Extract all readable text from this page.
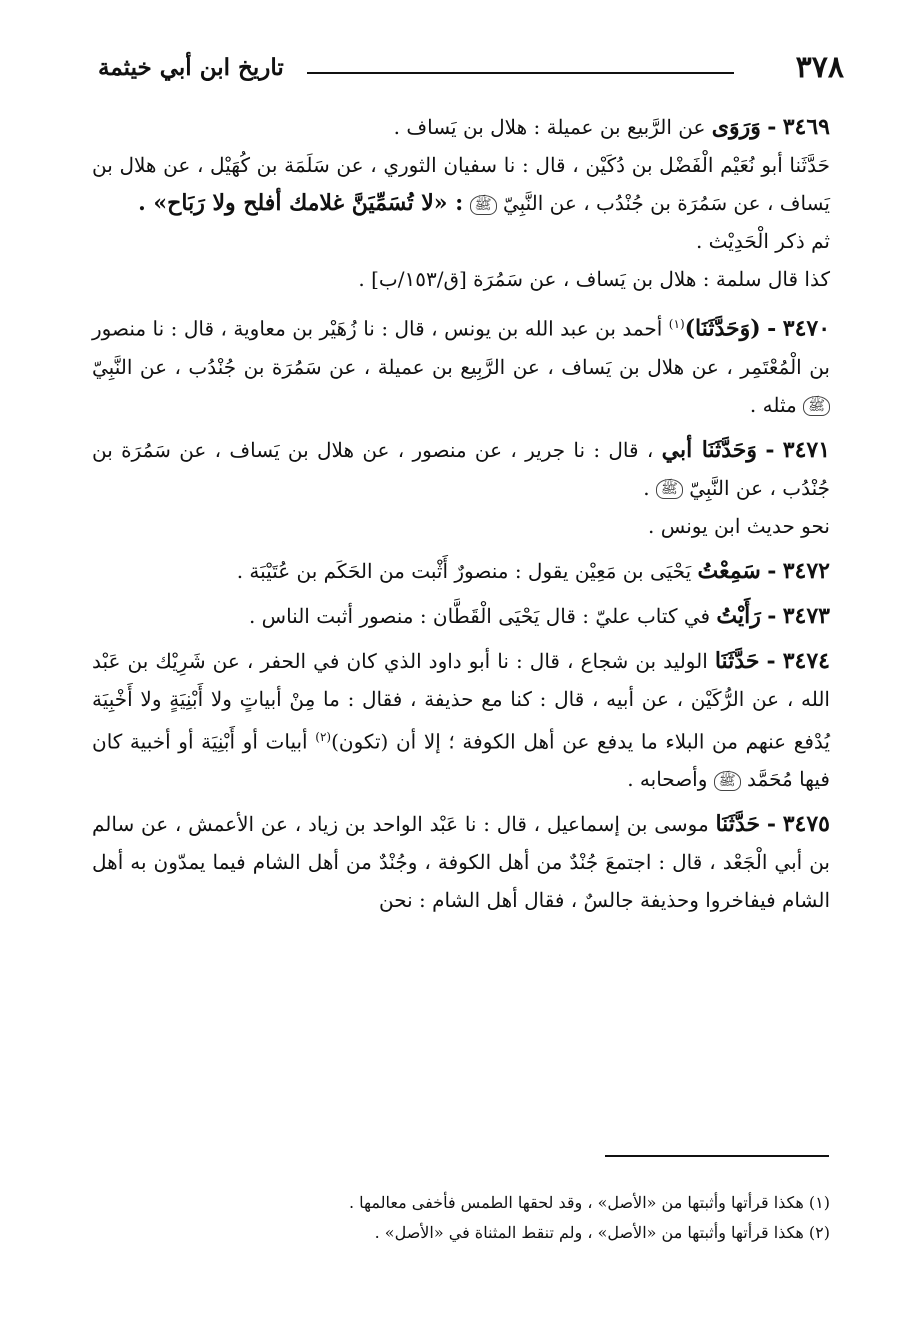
٣٧٨
تاريخ ابن أبي خيثمة

٣٤٦٩ - وَرَوَى عن الرَّبيع بن عميلة : هلال بن يَساف .

حَدَّثَنا أبو نُعَيْم الْفَضْل بن دُكَيْن ، قال : نا سفيان الثوري ، عن سَلَمَة بن كُهَيْل ، عن هلال بن يَساف ، عن سَمُرَة بن جُنْدُب ، عن النَّبِيّ ﷺ : «لا تُسَمِّيَنَّ غلامك أفلح ولا رَبَاح» .

ثم ذكر الْحَدِيْث .

كذا قال سلمة : هلال بن يَساف ، عن سَمُرَة [ق/١٥٣/ب] .

٣٤٧٠ - (وَحَدَّثَنَا)$^{(١)}$ أحمد بن عبد الله بن يونس ، قال : نا زُهَيْر بن معاوية ، قال : نا منصور بن الْمُعْتَمِر ، عن هلال بن يَساف ، عن الرَّبِيع بن عميلة ، عن سَمُرَة بن جُنْدُب ، عن النَّبِيّ ﷺ مثله .

٣٤٧١ - وَحَدَّثَنَا أبي ، قال : نا جرير ، عن منصور ، عن هلال بن يَساف ، عن سَمُرَة بن جُنْدُب ، عن النَّبِيّ ﷺ .

نحو حديث ابن يونس .

٣٤٧٢ - سَمِعْتُ يَحْيَى بن مَعِيْن يقول : منصورٌ أَثْبت من الحَكَم بن عُتَيْبَة .

٣٤٧٣ - رَأَيْتُ في كتاب عليّ : قال يَحْيَى الْقَطَّان : منصور أثبت الناس .

٣٤٧٤ - حَدَّثَنَا الوليد بن شجاع ، قال : نا أبو داود الذي كان في الحفر ، عن شَرِيْك بن عَبْد الله ، عن الرُّكَيْن ، عن أبيه ، قال : كنا مع حذيفة ، فقال : ما مِنْ أبياتٍ ولا أَبْنِيَةٍ ولا أَخْبِيَة يُدْفع عنهم من البلاء ما يدفع عن أهل الكوفة ؛ إلا أن (تكون)$^{(٢)}$ أبيات أو أَبْنِيَة أو أخبية كان فيها مُحَمَّد ﷺ وأصحابه .

٣٤٧٥ - حَدَّثَنَا موسى بن إسماعيل ، قال : نا عَبْد الواحد بن زياد ، عن الأعمش ، عن سالم بن أبي الْجَعْد ، قال : اجتمعَ جُنْدٌ من أهل الكوفة ، وجُنْدٌ من أهل الشام فيما يمدّون به أهل الشام فيفاخروا وحذيفة جالسٌ ، فقال أهل الشام : نحن

(١) هكذا قرأتها وأثبتها من «الأصل» ، وقد لحقها الطمس فأخفى معالمها .

(٢) هكذا قرأتها وأثبتها من «الأصل» ، ولم تنقط المثناة في «الأصل» .
